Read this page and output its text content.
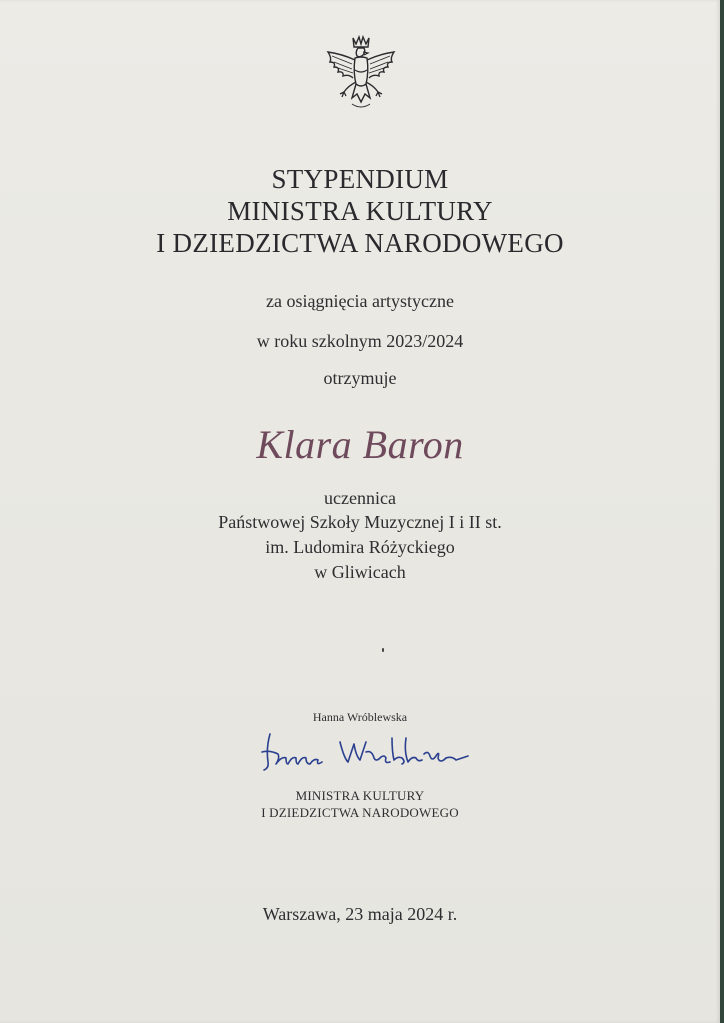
STYPENDIUM
MINISTRA KULTURY
I DZIEDZICTWA NARODOWEGO
za osiągnięcia artystyczne
w roku szkolnym 2023/2024
otrzymuje
Klara Baron
uczennica
Państwowej Szkoły Muzycznej I i II st.
im. Ludomira Różyckiego
w Gliwicach
Hanna Wróblewska
MINISTRA KULTURY
I DZIEDZICTWA NARODOWEGO
Warszawa, 23 maja 2024 r.
